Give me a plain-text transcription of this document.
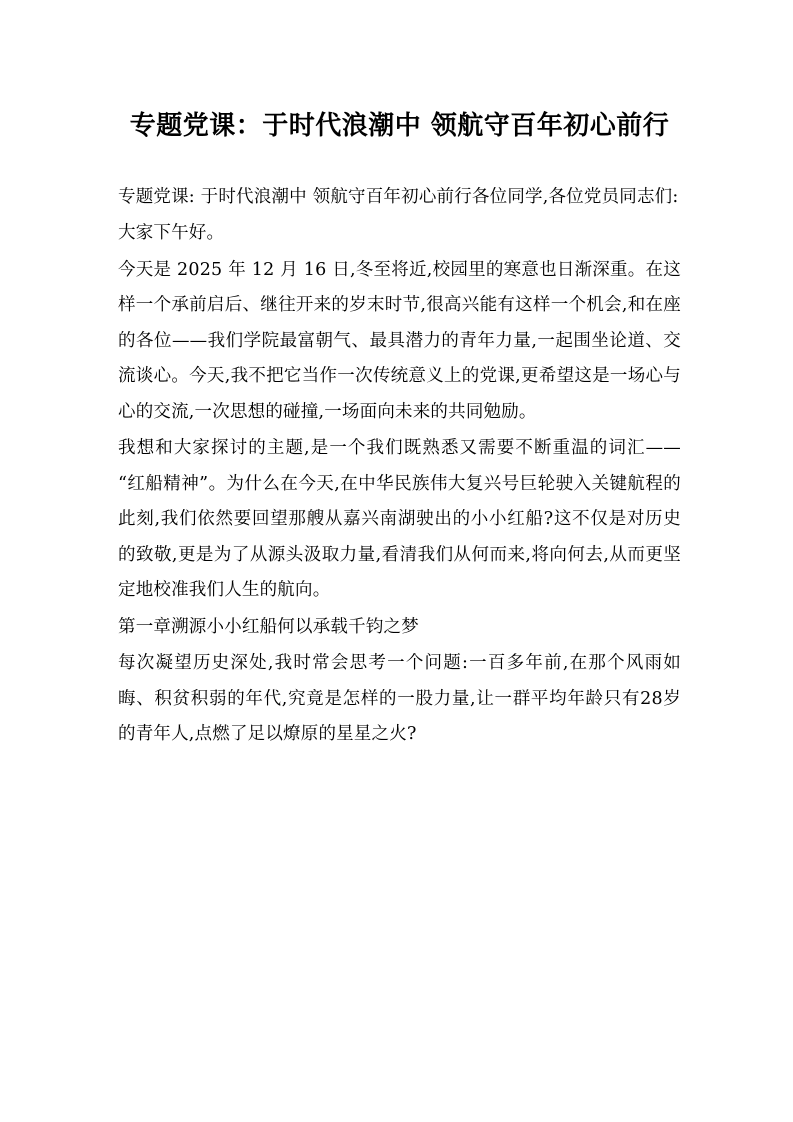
专题党课：于时代浪潮中 领航守百年初心前行

专题党课: 于时代浪潮中 领航守百年初心前行各位同学,各位党员同志们:

大家下午好。

今天是 2025 年 12 月 16 日,冬至将近,校园里的寒意也日渐深重。在这样一个承前启后、继往开来的岁末时节,很高兴能有这样一个机会,和在座的各位——我们学院最富朝气、最具潜力的青年力量,一起围坐论道、交流谈心。今天,我不把它当作一次传统意义上的党课,更希望这是一场心与心的交流,一次思想的碰撞,一场面向未来的共同勉励。

我想和大家探讨的主题,是一个我们既熟悉又需要不断重温的词汇——“红船精神”。为什么在今天,在中华民族伟大复兴号巨轮驶入关键航程的此刻,我们依然要回望那艘从嘉兴南湖驶出的小小红船?这不仅是对历史的致敬,更是为了从源头汲取力量,看清我们从何而来,将向何去,从而更坚定地校准我们人生的航向。

第一章溯源小小红船何以承载千钧之梦

每次凝望历史深处,我时常会思考一个问题:一百多年前,在那个风雨如晦、积贫积弱的年代,究竟是怎样的一股力量,让一群平均年龄只有28岁的青年人,点燃了足以燎原的星星之火?
